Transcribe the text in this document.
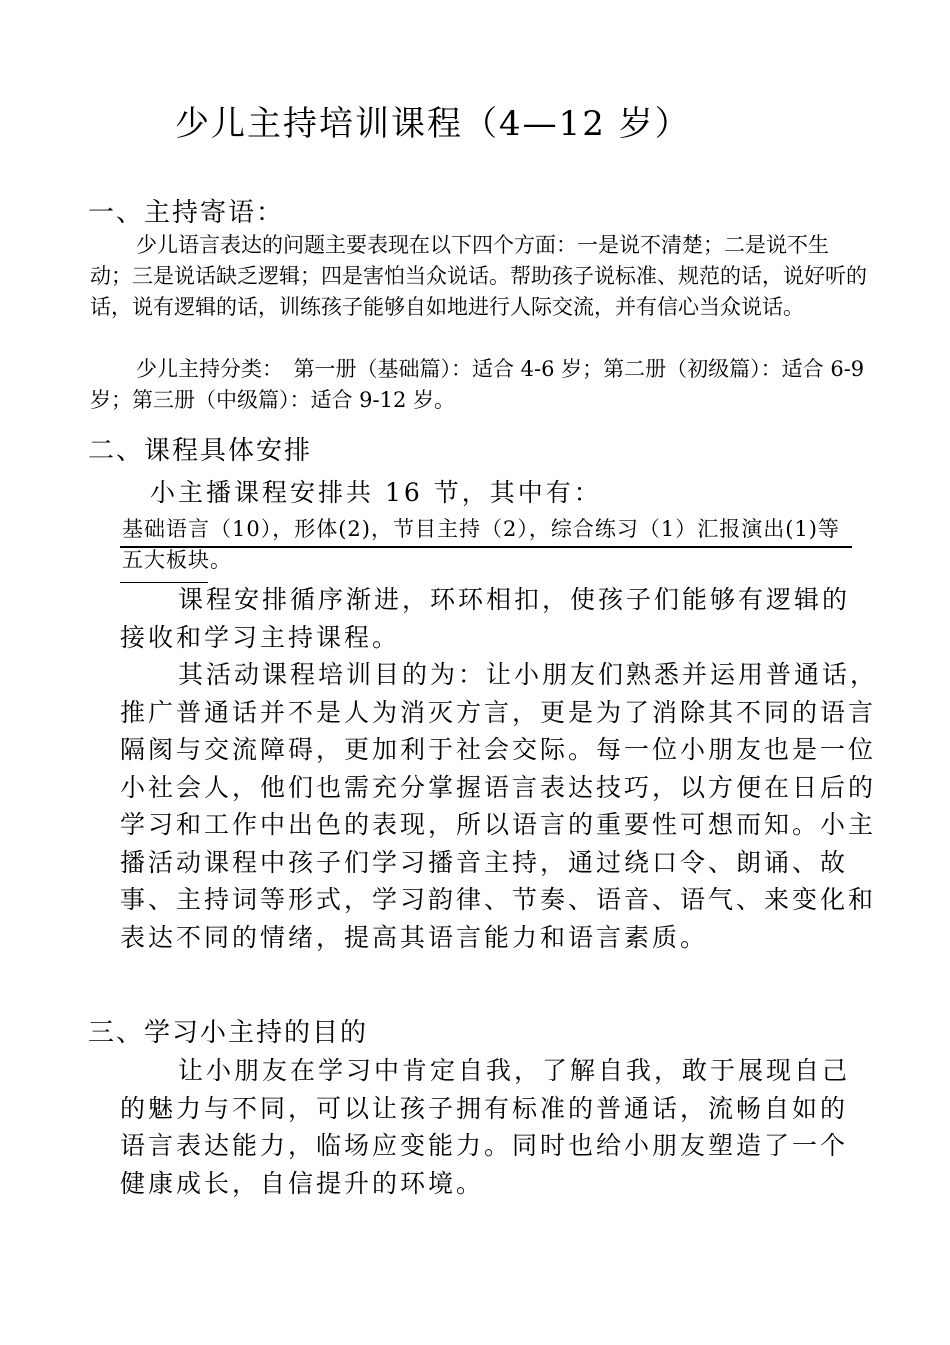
少儿主持培训课程（4—12 岁）
一、主持寄语：

少儿语言表达的问题主要表现在以下四个方面：一是说不清楚；二是说不生动；三是说话缺乏逻辑；四是害怕当众说话。帮助孩子说标准、规范的话，说好听的话，说有逻辑的话，训练孩子能够自如地进行人际交流，并有信心当众说话。

少儿主持分类：　第一册（基础篇）：适合 4-6 岁；第二册（初级篇）：适合 6-9 岁；第三册（中级篇）：适合 9-12 岁。

二、课程具体安排
小主播课程安排共 16 节，其中有：

基础语言（10），形体(2)，节目主持（2），综合练习（1）汇报演出(1)等五大板块。

课程安排循序渐进，环环相扣，使孩子们能够有逻辑的接收和学习主持课程。

其活动课程培训目的为：让小朋友们熟悉并运用普通话，推广普通话并不是人为消灭方言，更是为了消除其不同的语言隔阂与交流障碍，更加利于社会交际。每一位小朋友也是一位小社会人，他们也需充分掌握语言表达技巧，以方便在日后的学习和工作中出色的表现，所以语言的重要性可想而知。小主播活动课程中孩子们学习播音主持，通过绕口令、朗诵、故事、主持词等形式，学习韵律、节奏、语音、语气、来变化和表达不同的情绪，提高其语言能力和语言素质。

三、学习小主持的目的

让小朋友在学习中肯定自我，了解自我，敢于展现自己的魅力与不同，可以让孩子拥有标准的普通话，流畅自如的语言表达能力，临场应变能力。同时也给小朋友塑造了一个健康成长，自信提升的环境。
